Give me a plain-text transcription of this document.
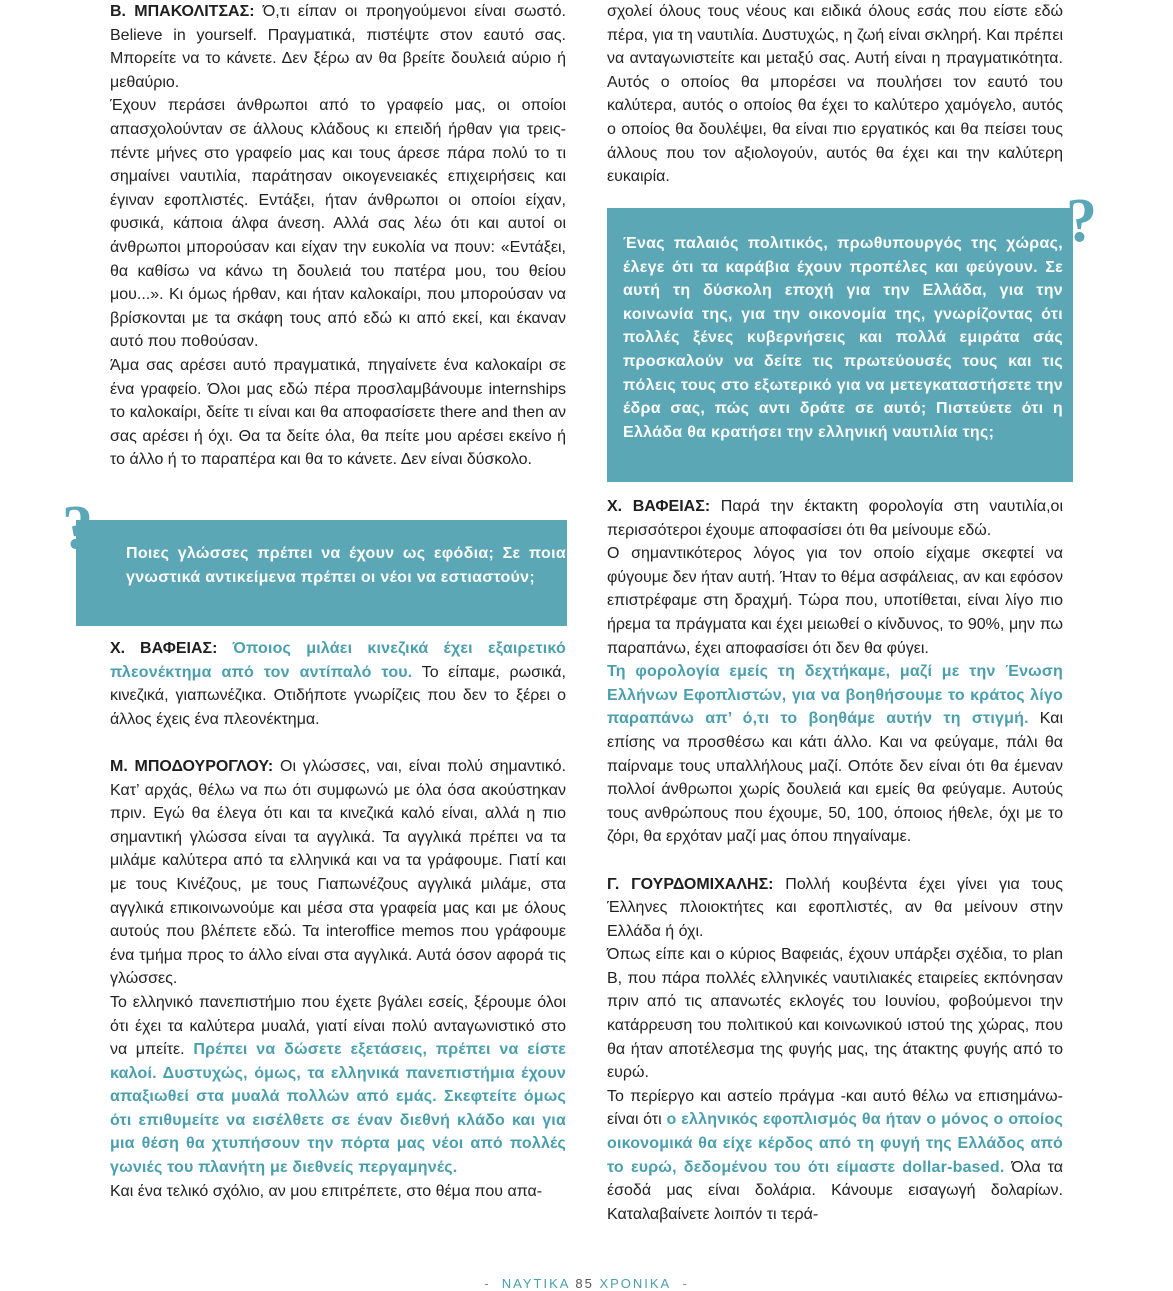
Β. ΜΠΑΚΟΛΙΤΣΑΣ: Ό,τι είπαν οι προηγούμενοι είναι σωστό. Believe in yourself. Πραγματικά, πιστέψτε στον εαυτό σας. Μπορείτε να το κάνετε. Δεν ξέρω αν θα βρείτε δουλειά αύριο ή μεθαύριο.

Έχουν περάσει άνθρωποι από το γραφείο μας, οι οποίοι απασχολούνταν σε άλλους κλάδους κι επειδή ήρθαν για τρεις-πέντε μήνες στο γραφείο μας και τους άρεσε πάρα πολύ το τι σημαίνει ναυτιλία, παράτησαν οικογενειακές επιχειρήσεις και έγιναν εφοπλιστές. Εντάξει, ήταν άνθρωποι οι οποίοι είχαν, φυσικά, κάποια άλφα άνεση. Αλλά σας λέω ότι και αυτοί οι άνθρωποι μπορούσαν και είχαν την ευκολία να πουν: «Εντάξει, θα καθίσω να κάνω τη δουλειά του πατέρα μου, του θείου μου...». Κι όμως ήρθαν, και ήταν καλοκαίρι, που μπορούσαν να βρίσκονται με τα σκάφη τους από εδώ κι από εκεί, και έκαναν αυτό που ποθούσαν.

Άμα σας αρέσει αυτό πραγματικά, πηγαίνετε ένα καλοκαίρι σε ένα γραφείο. Όλοι μας εδώ πέρα προσλαμβάνουμε internships το καλοκαίρι, δείτε τι είναι και θα αποφασίσετε there and then αν σας αρέσει ή όχι. Θα τα δείτε όλα, θα πείτε μου αρέσει εκείνο ή το άλλο ή το παραπέρα και θα το κάνετε. Δεν είναι δύσκολο.

Ποιες γλώσσες πρέπει να έχουν ως εφόδια; Σε ποια γνωστικά αντικείμενα πρέπει οι νέοι να εστιαστούν;

?

Χ. ΒΑΦΕΙΑΣ: Όποιος μιλάει κινεζικά έχει εξαιρετικό πλεονέκτημα από τον αντίπαλό του. Το είπαμε, ρωσικά, κινεζικά, γιαπωνέζικα. Οτιδήποτε γνωρίζεις που δεν το ξέρει ο άλλος έχεις ένα πλεονέκτημα.

Μ. ΜΠΟΔΟΥΡΟΓΛΟΥ: Οι γλώσσες, ναι, είναι πολύ σημαντικό. Κατ’ αρχάς, θέλω να πω ότι συμφωνώ με όλα όσα ακούστηκαν πριν. Εγώ θα έλεγα ότι και τα κινεζικά καλό είναι, αλλά η πιο σημαντική γλώσσα είναι τα αγγλικά. Τα αγγλικά πρέπει να τα μιλάμε καλύτερα από τα ελληνικά και να τα γράφουμε. Γιατί και με τους Κινέζους, με τους Γιαπωνέζους αγγλικά μιλάμε, στα αγγλικά επικοινωνούμε και μέσα στα γραφεία μας και με όλους αυτούς που βλέπετε εδώ. Τα interoffice memos που γράφουμε ένα τμήμα προς το άλλο είναι στα αγγλικά. Αυτά όσον αφορά τις γλώσσες.

Το ελληνικό πανεπιστήμιο που έχετε βγάλει εσείς, ξέρουμε όλοι ότι έχει τα καλύτερα μυαλά, γιατί είναι πολύ ανταγωνιστικό στο να μπείτε. Πρέπει να δώσετε εξετάσεις, πρέπει να είστε καλοί. Δυστυχώς, όμως, τα ελληνικά πανεπιστήμια έχουν απαξιωθεί στα μυαλά πολλών από εμάς. Σκεφτείτε όμως ότι επιθυμείτε να εισέλθετε σε έναν διεθνή κλάδο και για μια θέση θα χτυπήσουν την πόρτα μας νέοι από πολλές γωνιές του πλανήτη με διεθνείς περγαμηνές.

Και ένα τελικό σχόλιο, αν μου επιτρέπετε, στο θέμα που απα-

σχολεί όλους τους νέους και ειδικά όλους εσάς που είστε εδώ πέρα, για τη ναυτιλία. Δυστυχώς, η ζωή είναι σκληρή. Και πρέπει να ανταγωνιστείτε και μεταξύ σας. Αυτή είναι η πραγματικότητα. Αυτός ο οποίος θα μπορέσει να πουλήσει τον εαυτό του καλύτερα, αυτός ο οποίος θα έχει το καλύτερο χαμόγελο, αυτός ο οποίος θα δουλέψει, θα είναι πιο εργατικός και θα πείσει τους άλλους που τον αξιολογούν, αυτός θα έχει και την καλύτερη ευκαιρία.

Ένας παλαιός πολιτικός, πρωθυπουργός της χώρας, έλεγε ότι τα καράβια έχουν προπέλες και φεύγουν. Σε αυτή τη δύσκολη εποχή για την Ελλάδα, για την κοινωνία της, για την οικονομία της, γνωρίζοντας ότι πολλές ξένες κυβερνήσεις και πολλά εμιράτα σάς προσκαλούν να δείτε τις πρωτεύουσές τους και τις πόλεις τους στο εξωτερικό για να μετεγκαταστήσετε την έδρα σας, πώς αντι δράτε σε αυτό; Πιστεύετε ότι η Ελλάδα θα κρατήσει την ελληνική ναυτιλία της;

?

Χ. ΒΑΦΕΙΑΣ: Παρά την έκτακτη φορολογία στη ναυτιλία,οι περισσότεροι έχουμε αποφασίσει ότι θα μείνουμε εδώ.

Ο σημαντικότερος λόγος για τον οποίο είχαμε σκεφτεί να φύγουμε δεν ήταν αυτή. Ήταν το θέμα ασφάλειας, αν και εφόσον επιστρέφαμε στη δραχμή. Τώρα που, υποτίθεται, είναι λίγο πιο ήρεμα τα πράγματα και έχει μειωθεί ο κίνδυνος, το 90%, μην πω παραπάνω, έχει αποφασίσει ότι δεν θα φύγει.

Τη φορολογία εμείς τη δεχτήκαμε, μαζί με την Ένωση Ελλήνων Εφοπλιστών, για να βοηθήσουμε το κράτος λίγο παραπάνω απ’ ό,τι το βοηθάμε αυτήν τη στιγμή. Και επίσης να προσθέσω και κάτι άλλο. Και να φεύγαμε, πάλι θα παίρναμε τους υπαλλήλους μαζί. Οπότε δεν είναι ότι θα έμεναν πολλοί άνθρωποι χωρίς δουλειά και εμείς θα φεύγαμε. Αυτούς τους ανθρώπους που έχουμε, 50, 100, όποιος ήθελε, όχι με το ζόρι, θα ερχόταν μαζί μας όπου πηγαίναμε.

Γ. ΓΟΥΡΔΟΜΙΧΑΛΗΣ: Πολλή κουβέντα έχει γίνει για τους Έλληνες πλοιοκτήτες και εφοπλιστές, αν θα μείνουν στην Ελλάδα ή όχι.

Όπως είπε και ο κύριος Βαφειάς, έχουν υπάρξει σχέδια, το plan B, που πάρα πολλές ελληνικές ναυτιλιακές εταιρείες εκπόνησαν πριν από τις απανωτές εκλογές του Ιουνίου, φοβούμενοι την κατάρρευση του πολιτικού και κοινωνικού ιστού της χώρας, που θα ήταν αποτέλεσμα της φυγής μας, της άτακτης φυγής από το ευρώ.

Το περίεργο και αστείο πράγμα -και αυτό θέλω να επισημάνω- είναι ότι ο ελληνικός εφοπλισμός θα ήταν ο μόνος ο οποίος οικονομικά θα είχε κέρδος από τη φυγή της Ελλάδος από το ευρώ, δεδομένου του ότι είμαστε dollar-based. Όλα τα έσοδά μας είναι δολάρια. Κάνουμε εισαγωγή δολαρίων. Καταλαβαίνετε λοιπόν τι τερά-

- ΝΑΥΤΙΚΑ 85 ΧΡΟΝΙΚΑ -
